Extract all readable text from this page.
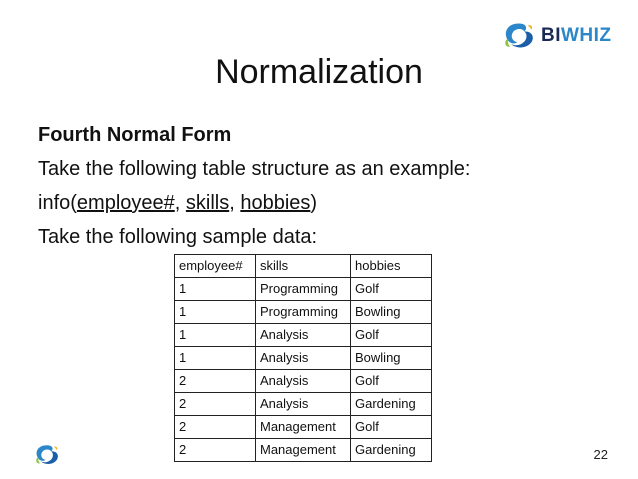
BIWHIZ
Normalization
Fourth Normal Form
Take the following table structure as an example:
info(employee#, skills, hobbies)
Take the following sample data:
employee#	skills	hobbies
1	Programming	Golf
1	Programming	Bowling
1	Analysis	Golf
1	Analysis	Bowling
2	Analysis	Golf
2	Analysis	Gardening
2	Management	Golf
2	Management	Gardening	22
